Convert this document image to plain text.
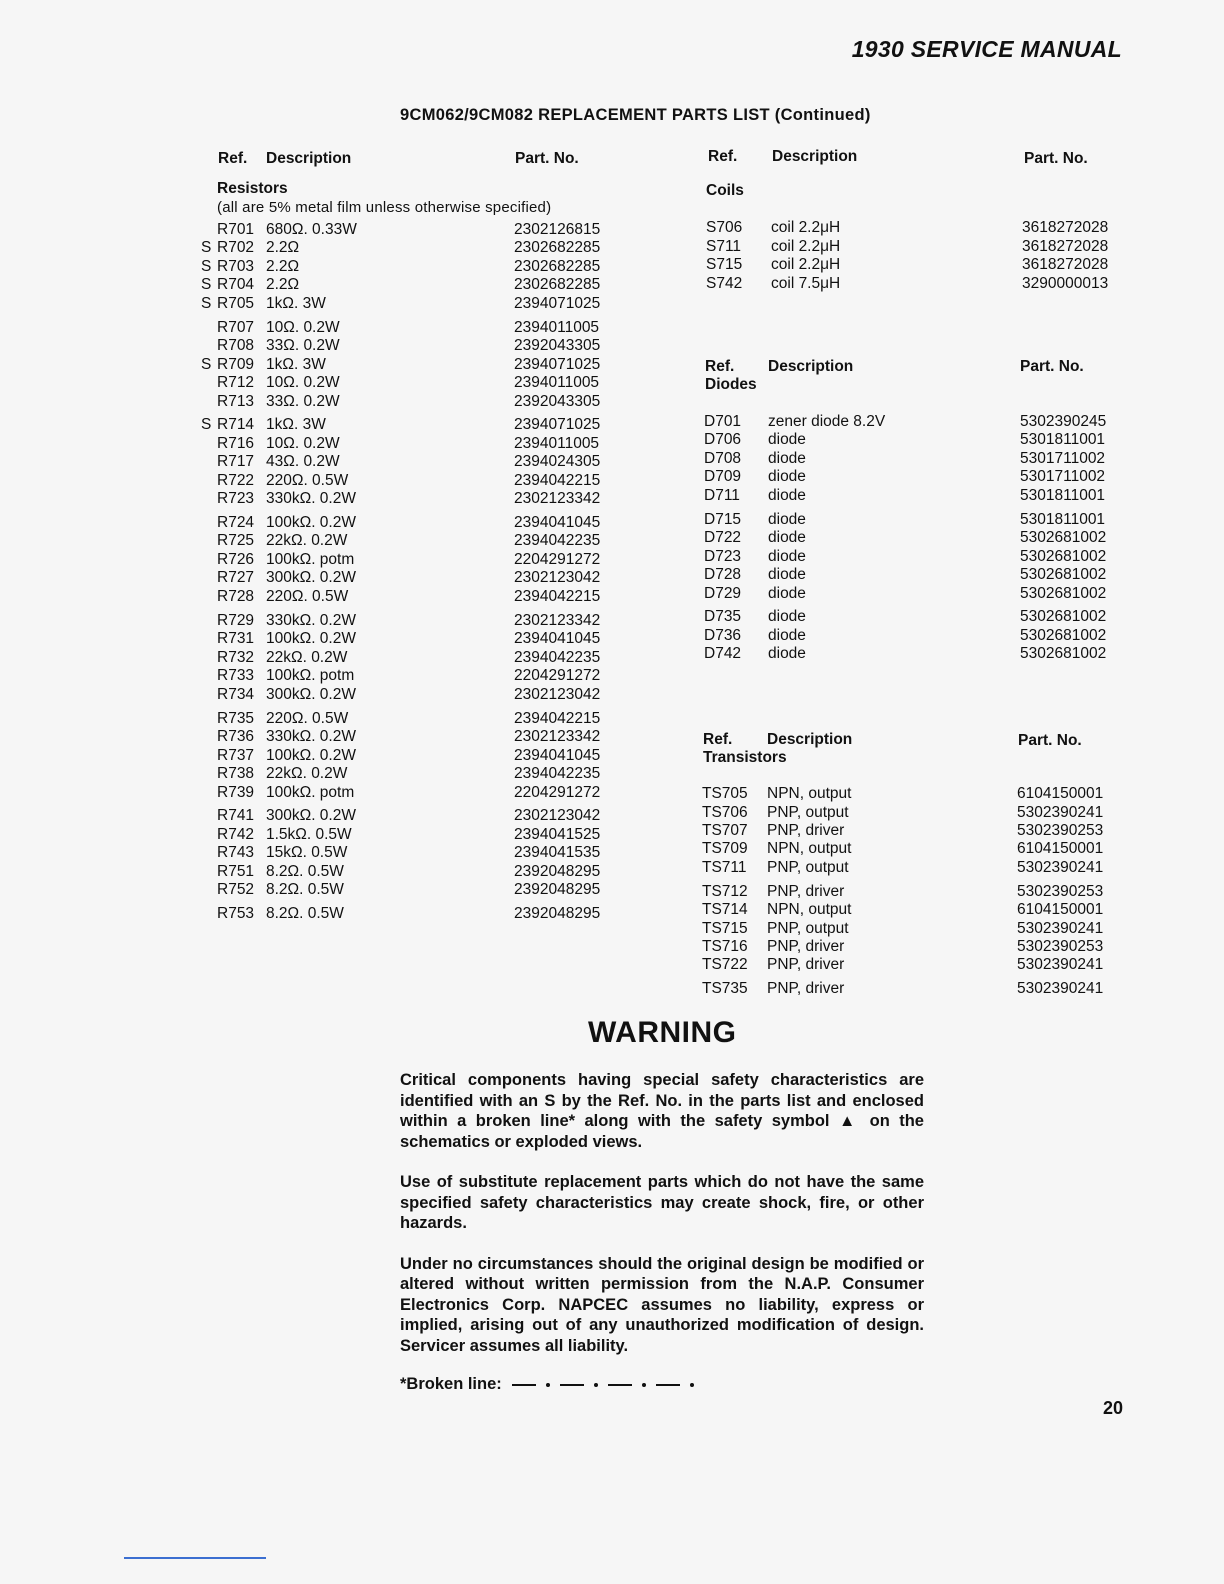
1930 SERVICE MANUAL
9CM062/9CM082 REPLACEMENT PARTS LIST (Continued)
Ref. Description	Part. No.
Resistors
(all are 5% metal film unless otherwise specified)
R701 680Ω. 0.33W	2302126815
S R702 2.2Ω	2302682285
S R703 2.2Ω	2302682285
S R704 2.2Ω	2302682285
S R705 1kΩ. 3W	2394071025
R707 10Ω. 0.2W	2394011005
R708 33Ω. 0.2W	2392043305
S R709 1kΩ. 3W	2394071025
R712 10Ω. 0.2W	2394011005
R713 33Ω. 0.2W	2392043305
S R714 1kΩ. 3W	2394071025
R716 10Ω. 0.2W	2394011005
R717 43Ω. 0.2W	2394024305
R722 220Ω. 0.5W	2394042215
R723 330kΩ. 0.2W	2302123342
R724 100kΩ. 0.2W	2394041045
R725 22kΩ. 0.2W	2394042235
R726 100kΩ. potm	2204291272
R727 300kΩ. 0.2W	2302123042
R728 220Ω. 0.5W	2394042215
R729 330kΩ. 0.2W	2302123342
R731 100kΩ. 0.2W	2394041045
R732 22kΩ. 0.2W	2394042235
R733 100kΩ. potm	2204291272
R734 300kΩ. 0.2W	2302123042
R735 220Ω. 0.5W	2394042215
R736 330kΩ. 0.2W	2302123342
R737 100kΩ. 0.2W	2394041045
R738 22kΩ. 0.2W	2394042235
R739 100kΩ. potm	2204291272
R741 300kΩ. 0.2W	2302123042
R742 1.5kΩ. 0.5W	2394041525
R743 15kΩ. 0.5W	2394041535
R751 8.2Ω. 0.5W	2392048295
R752 8.2Ω. 0.5W	2392048295
R753 8.2Ω. 0.5W	2392048295
Ref. Description	Part. No.
Coils
S706 coil 2.2μH	3618272028
S711 coil 2.2μH	3618272028
S715 coil 2.2μH	3618272028
S742 coil 7.5μH	3290000013
Ref. Description	Part. No.
Diodes
D701 zener diode 8.2V	5302390245
D706 diode	5301811001
D708 diode	5301711002
D709 diode	5301711002
D711 diode	5301811001
D715 diode	5301811001
D722 diode	5302681002
D723 diode	5302681002
D728 diode	5302681002
D729 diode	5302681002
D735 diode	5302681002
D736 diode	5302681002
D742 diode	5302681002
Ref. Description	Part. No.
Transistors
TS705 NPN, output	6104150001
TS706 PNP, output	5302390241
TS707 PNP, driver	5302390253
TS709 NPN, output	6104150001
TS711 PNP, output	5302390241
TS712 PNP, driver	5302390253
TS714 NPN, output	6104150001
TS715 PNP, output	5302390241
TS716 PNP, driver	5302390253
TS722 PNP, driver	5302390241
TS735 PNP, driver	5302390241
WARNING

Critical components having special safety characteristics are identified with an S by the Ref. No. in the parts list and enclosed within a broken line* along with the safety symbol ▲ on the schematics or exploded views.

Use of substitute replacement parts which do not have the same specified safety characteristics may create shock, fire, or other hazards.

Under no circumstances should the original design be modified or altered without written permission from the N.A.P. Consumer Electronics Corp. NAPCEC assumes no liability, express or implied, arising out of any unauthorized modification of design. Servicer assumes all liability.

*Broken line:
20
